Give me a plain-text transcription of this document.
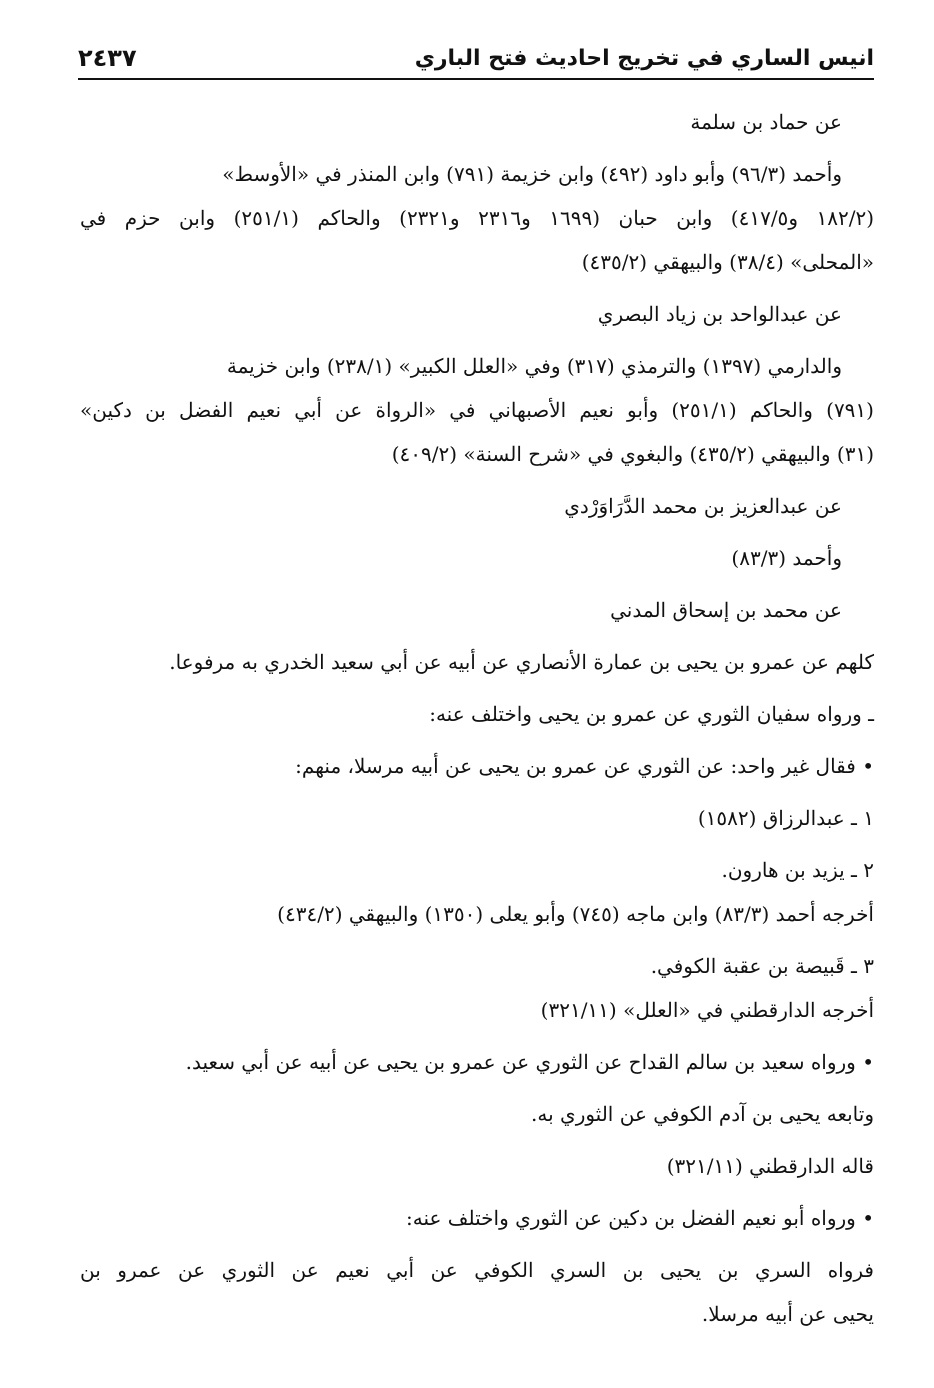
انيس الساري في تخريج احاديث فتح الباري
٢٤٣٧
عن حماد بن سلمة
وأحمد (٩٦/٣) وأبو داود (٤٩٢) وابن خزيمة (٧٩١) وابن المنذر في «الأوسط»
(١٨٢/٢ و٤١٧/٥) وابن حبان (١٦٩٩ و٢٣١٦ و٢٣٢١) والحاكم (٢٥١/١) وابن حزم في
«المحلى» (٣٨/٤) والبيهقي (٤٣٥/٢)
عن عبدالواحد بن زياد البصري
والدارمي (١٣٩٧) والترمذي (٣١٧) وفي «العلل الكبير» (٢٣٨/١) وابن خزيمة
(٧٩١) والحاكم (٢٥١/١) وأبو نعيم الأصبهاني في «الرواة عن أبي نعيم الفضل بن دكين»
(٣١) والبيهقي (٤٣٥/٢) والبغوي في «شرح السنة» (٤٠٩/٢)
عن عبدالعزيز بن محمد الدَّرَاوَرْدي
وأحمد (٨٣/٣)
عن محمد بن إسحاق المدني
كلهم عن عمرو بن يحيى بن عمارة الأنصاري عن أبيه عن أبي سعيد الخدري به مرفوعا.
ـ ورواه سفيان الثوري عن عمرو بن يحيى واختلف عنه:
• فقال غير واحد: عن الثوري عن عمرو بن يحيى عن أبيه مرسلا، منهم:
١ ـ عبدالرزاق (١٥٨٢)
٢ ـ يزيد بن هارون.
أخرجه أحمد (٨٣/٣) وابن ماجه (٧٤٥) وأبو يعلى (١٣٥٠) والبيهقي (٤٣٤/٢)
٣ ـ قَبيصة بن عقبة الكوفي.
أخرجه الدارقطني في «العلل» (٣٢١/١١)
• ورواه سعيد بن سالم القداح عن الثوري عن عمرو بن يحيى عن أبيه عن أبي سعيد.
وتابعه يحيى بن آدم الكوفي عن الثوري به.
قاله الدارقطني (٣٢١/١١)
• ورواه أبو نعيم الفضل بن دكين عن الثوري واختلف عنه:
فرواه السري بن يحيى بن السري الكوفي عن أبي نعيم عن الثوري عن عمرو بن
يحيى عن أبيه مرسلا.
